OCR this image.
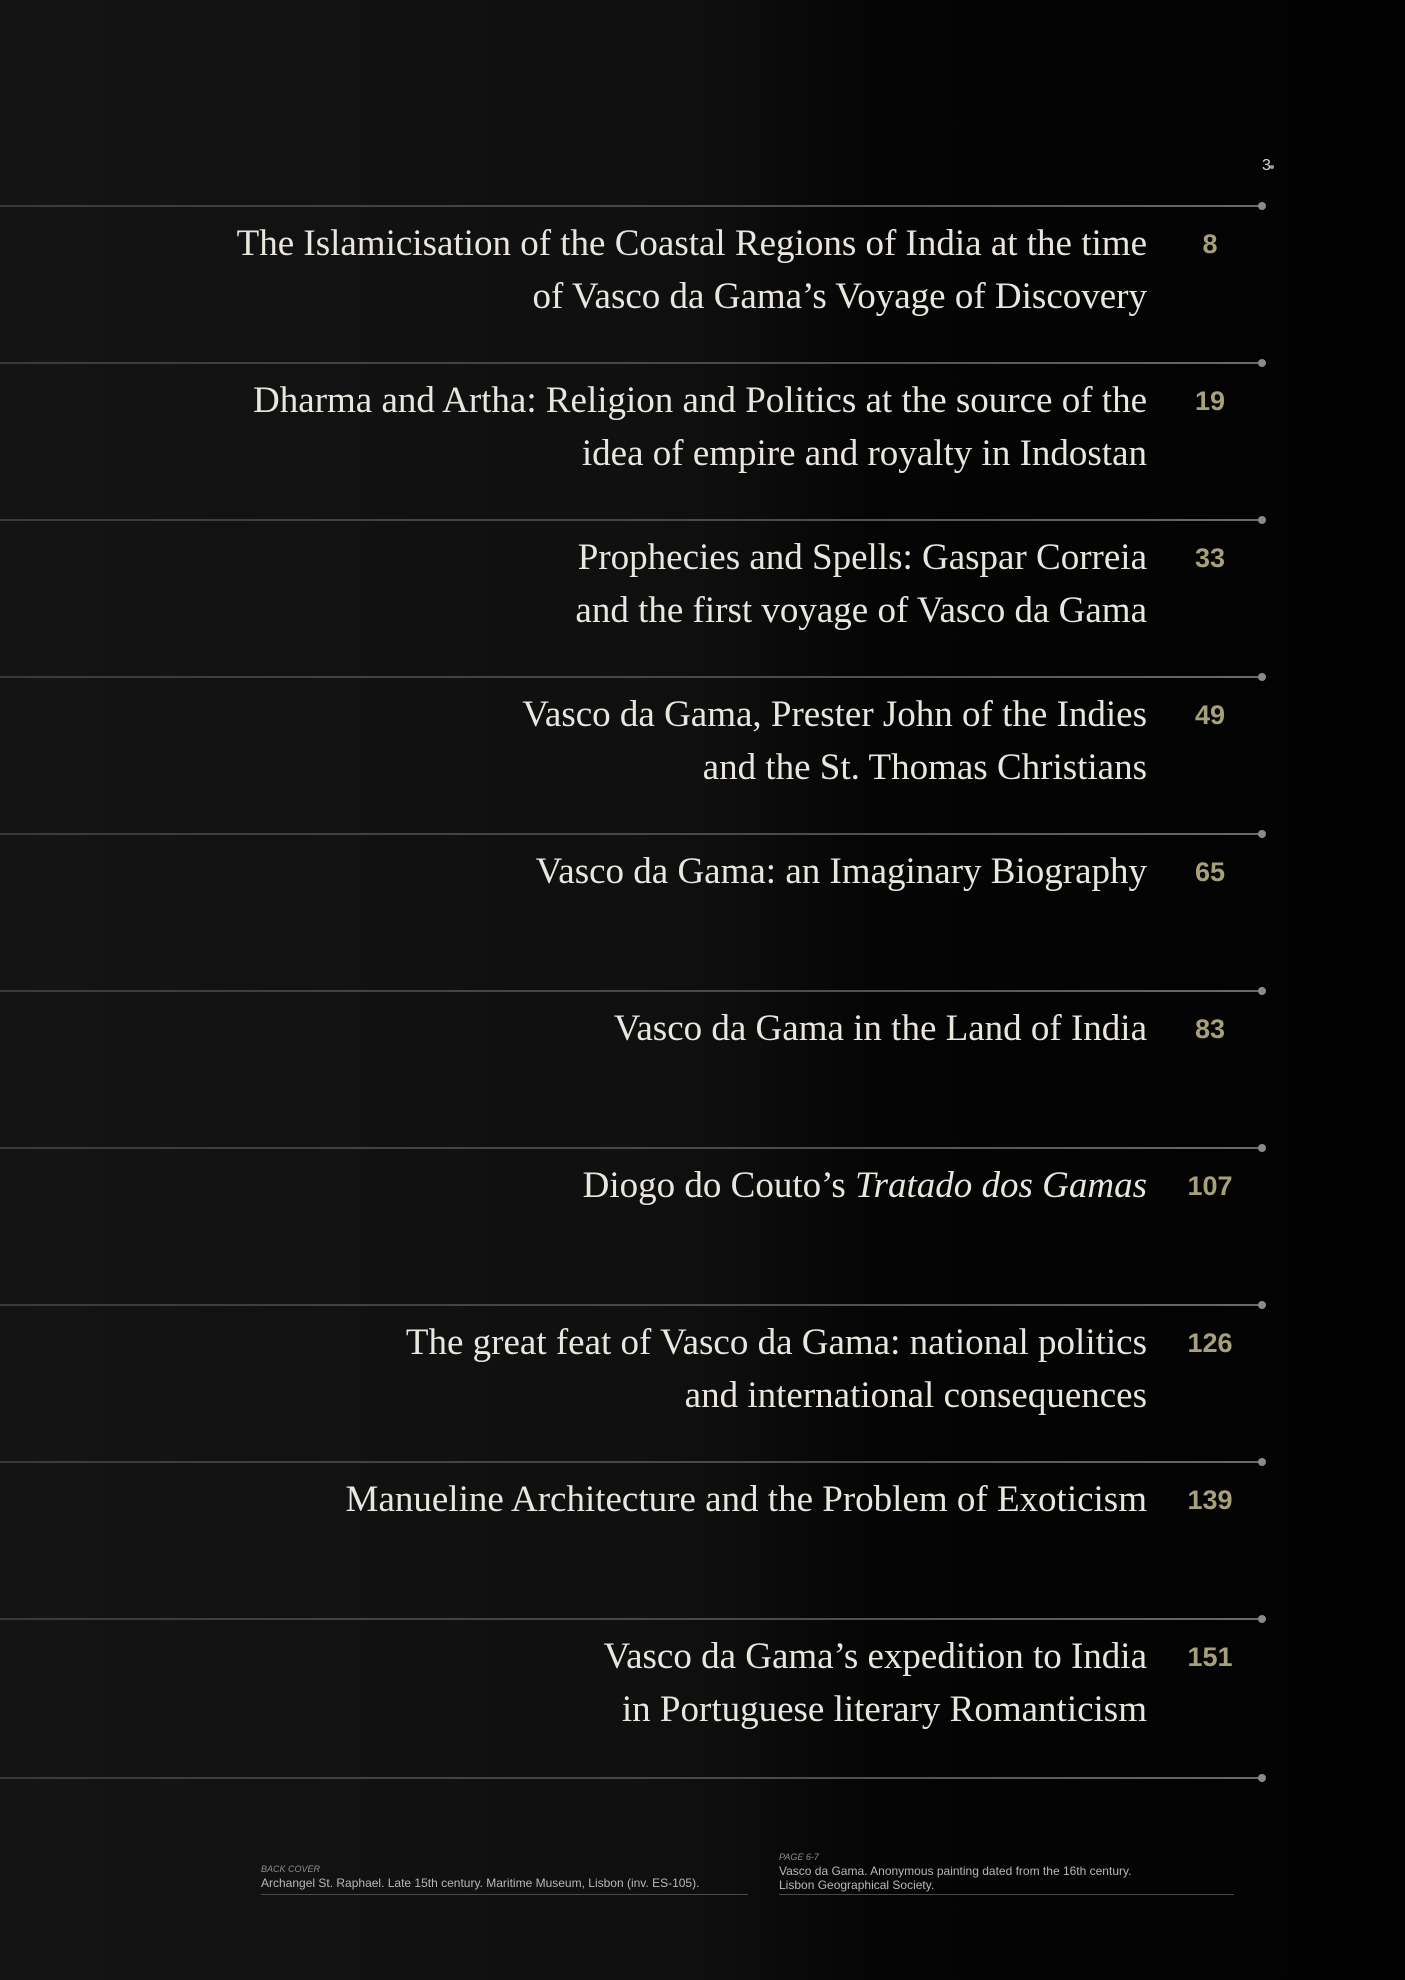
3
The Islamicisation of the Coastal Regions of India at the time
of Vasco da Gama’s Voyage of Discovery
8
Dharma and Artha: Religion and Politics at the source of the
idea of empire and royalty in Indostan
19
Prophecies and Spells: Gaspar Correia
and the first voyage of Vasco da Gama
33
Vasco da Gama, Prester John of the Indies
and the St. Thomas Christians
49
Vasco da Gama: an Imaginary Biography	65
Vasco da Gama in the Land of India	83
Diogo do Couto’s Tratado dos Gamas 107
The great feat of Vasco da Gama: national politics
and international consequences
126
Manueline Architecture and the Problem of Exoticism 139
Vasco da Gama’s expedition to India
in Portuguese literary Romanticism
151
BACK COVER
Archangel St. Raphael. Late 15th century. Maritime Museum, Lisbon (inv. ES-105).
PAGE 6-7
Vasco da Gama. Anonymous painting dated from the 16th century.
Lisbon Geographical Society.
